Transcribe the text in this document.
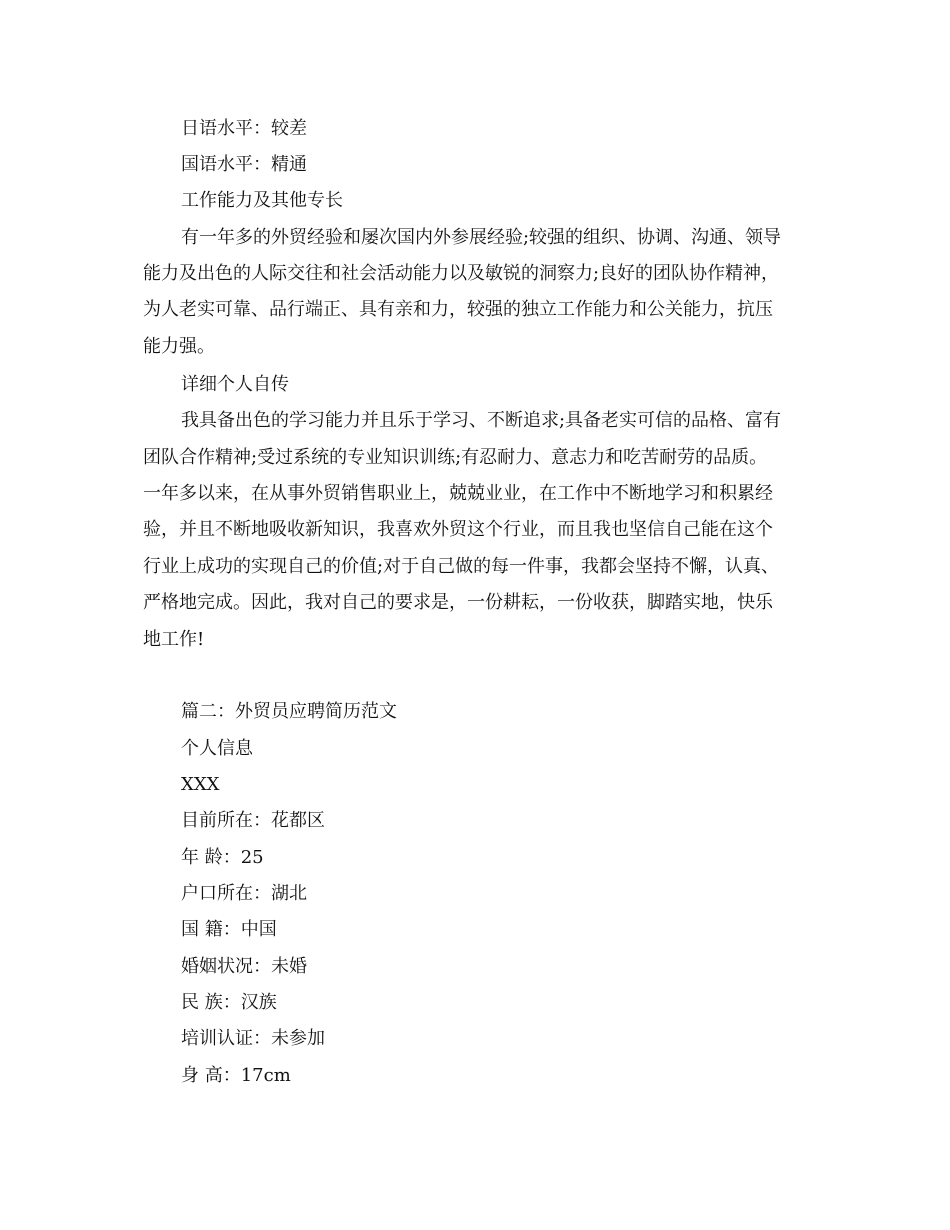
日语水平：较差
国语水平：精通
工作能力及其他专长
有一年多的外贸经验和屡次国内外参展经验;较强的组织、协调、沟通、领导
能力及出色的人际交往和社会活动能力以及敏锐的洞察力;良好的团队协作精神，
为人老实可靠、品行端正、具有亲和力，较强的独立工作能力和公关能力，抗压
能力强。
详细个人自传
我具备出色的学习能力并且乐于学习、不断追求;具备老实可信的品格、富有
团队合作精神;受过系统的专业知识训练;有忍耐力、意志力和吃苦耐劳的品质。
一年多以来，在从事外贸销售职业上，兢兢业业，在工作中不断地学习和积累经
验，并且不断地吸收新知识，我喜欢外贸这个行业，而且我也坚信自己能在这个
行业上成功的实现自己的价值;对于自己做的每一件事，我都会坚持不懈，认真、
严格地完成。因此，我对自己的要求是，一份耕耘，一份收获，脚踏实地，快乐
地工作!
篇二：外贸员应聘简历范文
个人信息
XXX
目前所在：花都区
年 龄：25
户口所在：湖北
国 籍：中国
婚姻状况：未婚
民 族：汉族
培训认证：未参加
身 高：17cm
